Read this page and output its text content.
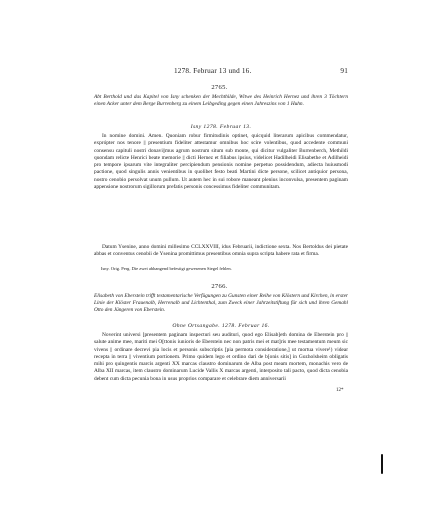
1278. Februar 13 und 16.	91
2765.
Abt Berthold und das Kapitel von Isny schenken der Mechthilde, Witwe des Heinrich Hernez und ihren 3 Töchtern einen Acker unter dem Berge Burrenberg zu einem Leibgeding gegen einen Jahreszins von 1 Huhn.
Isny 1278. Februar 13.

In nomine domini. Amen. Quoniam robur firmitudinis optinet, quicquid literarum apicibus commendatur, exprópter nos tenore || presentium fideliter attestamur omnibus hoc scire volentibus, quod accedente communi consensu capituli nostri donavi||mus agrum nostrum situm sub monte, qui dicitur vulgaliter Burrenberch, Methildi quondam relicte Henrici beate memorie || dicti Hernez et filiabus ipsius, videlicet Hadilheidi Elisabethe et Adilheidi pro tempore ipsarum vite integraliter percipiendum pensionis nomine perpetuo possidendum, adiecta huiusmodi pactione, quod singulis annis venientibus in quolibet festo beati Martini dicte persone, scilicet antiquior persona, nostro cenobio persolvat unum pullum. Ut autem hec in sui robore maneant plenius inconvulsa, presentem paginam appensione nostrorum sigillorum prefatis personis concessimus fideliter communitam.

Datum Ysenine, anno domini millesimo CCLXXVIII, idus Februarii, indictione sexta. Nos Bertoldus dei pietate abbas et conventus cenobii de Ysenina promittimus presentibus omnia supra scripta habere rata et firma.

Isny. Orig. Perg. Die zwei abhangend befestigt gewesenen Siegel fehlen.
2766.
Elisabeth von Eberstein trifft testamentarische Verfügungen zu Gunsten einer Reihe von Klöstern und Kirchen, in erster Linie der Klöster Frauenalb, Herrenalb und Lichtenthal, zum Zweck einer Jahrzeitstiftung für sich und ihren Gemahl Otto den Jüngeren von Eberstein.
Ohne Ortsangabe. 1278. Februar 16.

Noverint universi [presentem paginam inspecturi seu audituri, quod ego Elisab]eth domina de Eberstein pro || salute anime mee, mariti mei O[ttonis iunioris de Eberstein nec non patris mei et mat]ris mee testamentum meum sic vivens || ordinare decrevi pia locis et personis subscriptis [pia permota consideratione,] ut mortua vivere¹) videar recepta in terra || viventium portionem. Primo quidem lego et ordino dari de b[onis sitis] in Gozholsheim obligatis mihi pro quingentis marcis argenti XX marcas claustro dominarum de Alba post meam mortem, monachis vero de Alba XII marcas, item claustro dominarum Lucide Vallis X marcas argenti, interposito tali pacto, quod dicta cenobia debent cum dicta pecunia bona in usus proprios comparare et celebrare diem anniversarii

12*
